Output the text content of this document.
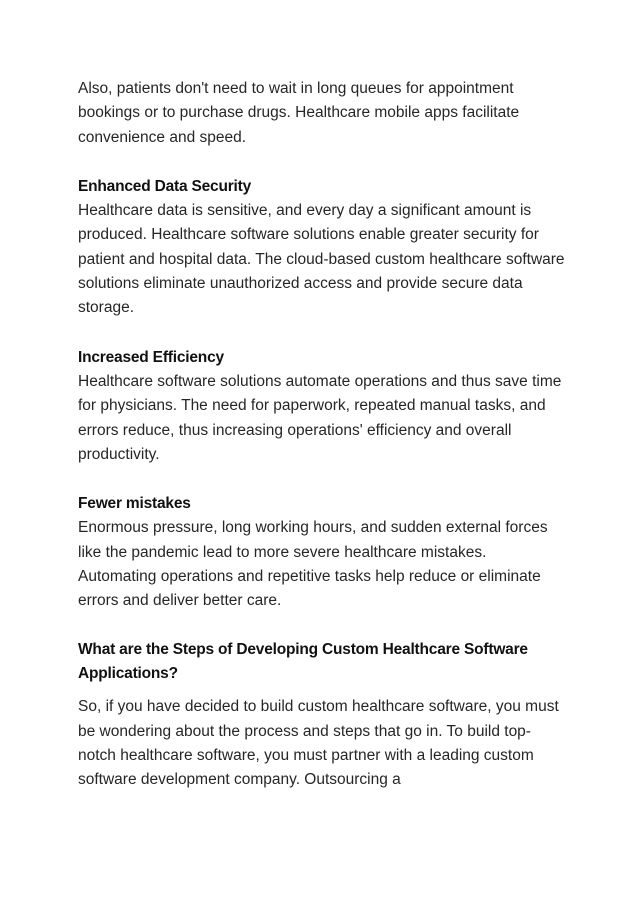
Also, patients don't need to wait in long queues for appointment bookings or to purchase drugs. Healthcare mobile apps facilitate convenience and speed.

Enhanced Data Security

Healthcare data is sensitive, and every day a significant amount is produced. Healthcare software solutions enable greater security for patient and hospital data. The cloud-based custom healthcare software solutions eliminate unauthorized access and provide secure data storage.

Increased Efficiency

Healthcare software solutions automate operations and thus save time for physicians. The need for paperwork, repeated manual tasks, and errors reduce, thus increasing operations' efficiency and overall productivity.

Fewer mistakes

Enormous pressure, long working hours, and sudden external forces like the pandemic lead to more severe healthcare mistakes. Automating operations and repetitive tasks help reduce or eliminate errors and deliver better care.

What are the Steps of Developing Custom Healthcare Software Applications?

So, if you have decided to build custom healthcare software, you must be wondering about the process and steps that go in. To build top-notch healthcare software, you must partner with a leading custom software development company. Outsourcing a
